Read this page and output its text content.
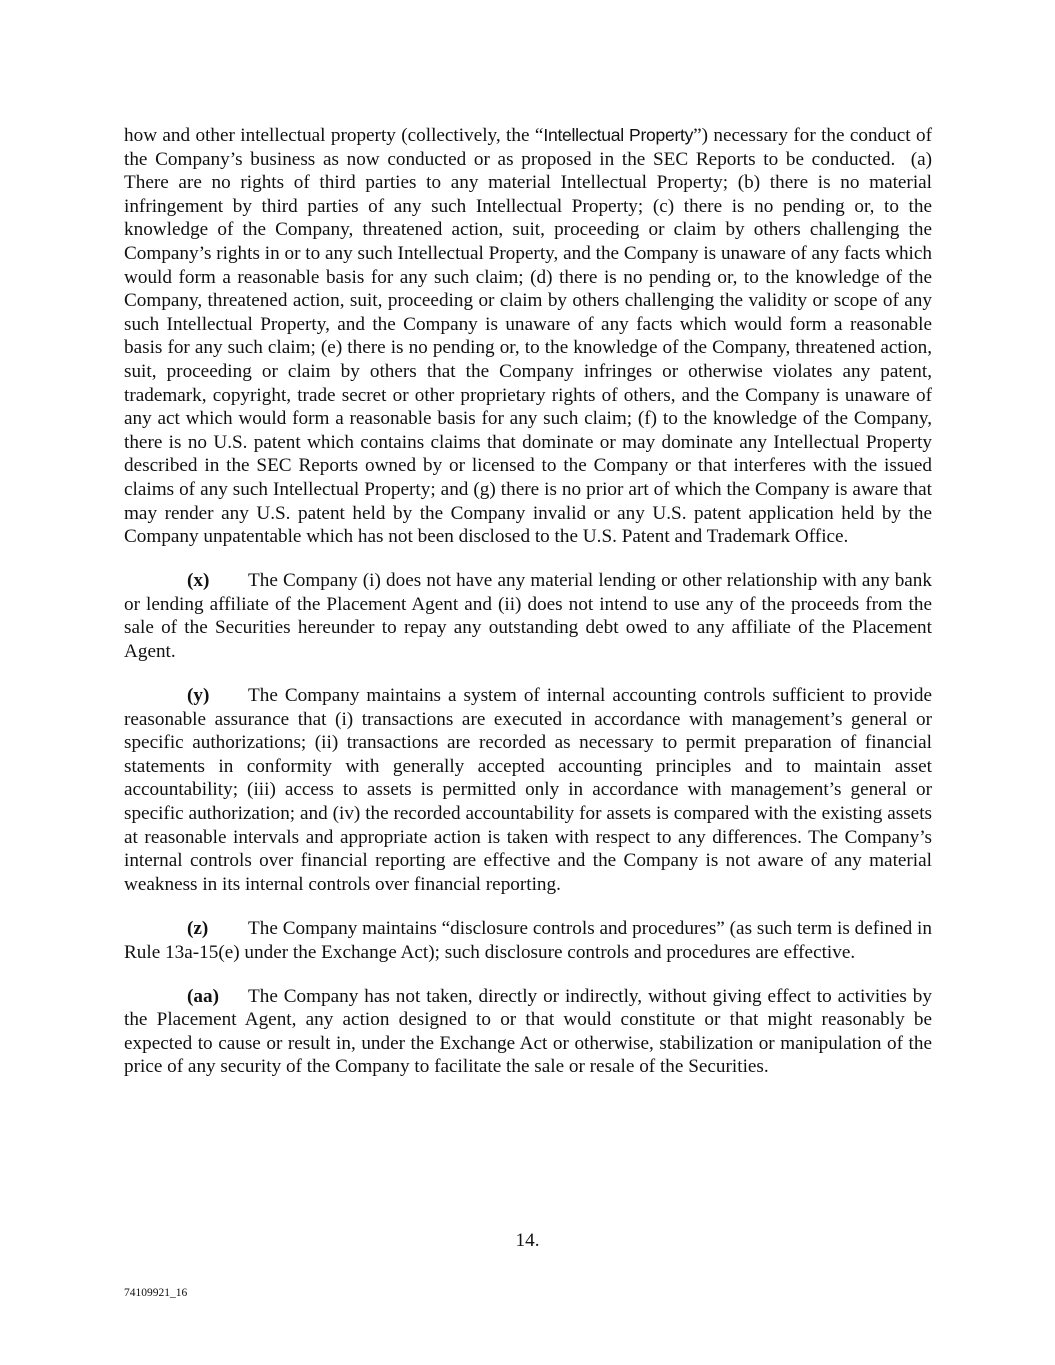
how and other intellectual property (collectively, the “Intellectual Property”) necessary for the conduct of the Company’s business as now conducted or as proposed in the SEC Reports to be conducted.  (a) There are no rights of third parties to any material Intellectual Property; (b) there is no material infringement by third parties of any such Intellectual Property; (c) there is no pending or, to the knowledge of the Company, threatened action, suit, proceeding or claim by others challenging the Company’s rights in or to any such Intellectual Property, and the Company is unaware of any facts which would form a reasonable basis for any such claim; (d) there is no pending or, to the knowledge of the Company, threatened action, suit, proceeding or claim by others challenging the validity or scope of any such Intellectual Property, and the Company is unaware of any facts which would form a reasonable basis for any such claim; (e) there is no pending or, to the knowledge of the Company, threatened action, suit, proceeding or claim by others that the Company infringes or otherwise violates any patent, trademark, copyright, trade secret or other proprietary rights of others, and the Company is unaware of any act which would form a reasonable basis for any such claim; (f) to the knowledge of the Company, there is no U.S. patent which contains claims that dominate or may dominate any Intellectual Property described in the SEC Reports owned by or licensed to the Company or that interferes with the issued claims of any such Intellectual Property; and (g) there is no prior art of which the Company is aware that may render any U.S. patent held by the Company invalid or any U.S. patent application held by the Company unpatentable which has not been disclosed to the U.S. Patent and Trademark Office.

(x) The Company (i) does not have any material lending or other relationship with any bank or lending affiliate of the Placement Agent and (ii) does not intend to use any of the proceeds from the sale of the Securities hereunder to repay any outstanding debt owed to any affiliate of the Placement Agent.

(y) The Company maintains a system of internal accounting controls sufficient to provide reasonable assurance that (i) transactions are executed in accordance with management’s general or specific authorizations; (ii) transactions are recorded as necessary to permit preparation of financial statements in conformity with generally accepted accounting principles and to maintain asset accountability; (iii) access to assets is permitted only in accordance with management’s general or specific authorization; and (iv) the recorded accountability for assets is compared with the existing assets at reasonable intervals and appropriate action is taken with respect to any differences. The Company’s internal controls over financial reporting are effective and the Company is not aware of any material weakness in its internal controls over financial reporting.

(z) The Company maintains “disclosure controls and procedures” (as such term is defined in Rule 13a-15(e) under the Exchange Act); such disclosure controls and procedures are effective.

(aa) The Company has not taken, directly or indirectly, without giving effect to activities by the Placement Agent, any action designed to or that would constitute or that might reasonably be expected to cause or result in, under the Exchange Act or otherwise, stabilization or manipulation of the price of any security of the Company to facilitate the sale or resale of the Securities.

14.
74109921_16
